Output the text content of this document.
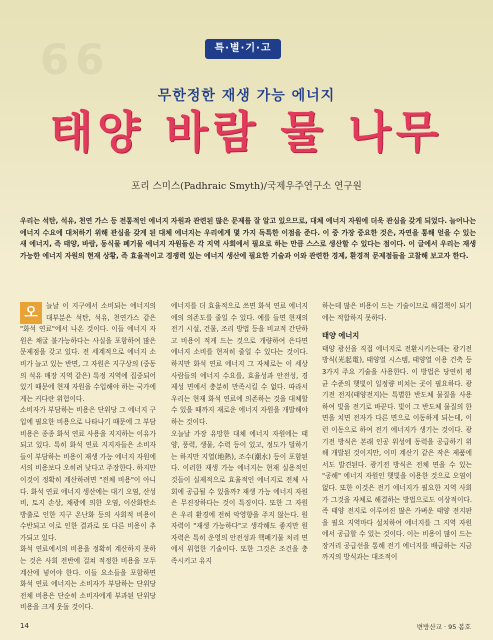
66	특·별·기·고
무한정한 재생 가능 에너지
태양 바람 물 나무
포리 스미스(Padhraic Smyth)/국제우주연구소 연구원
우리는 석탄, 석유, 천연 가스 등 전통적인 에너지 자원과 관련된 많은 문제를 잘 알고 있으므로, 대체 에너지 자원에 더욱 관심을 갖게 되었다. 늘어나는 에너지 수요에 대처하기 위해 관심을 갖게 된 대체 에너지는 우리에게 몇 가지 독특한 이점을 준다. 이 중 가장 중요한 것은, 자연을 통해 얻을 수 있는 새 에너지, 즉 태양, 바람, 동식물 폐기물 에너지 자원들은 각 지역 사회에서 필요로 하는 만큼 스스로 생산할 수 있다는 점이다. 이 글에서 우리는 재생 가능한 에너지 자원의 현재 상황, 즉 효율적이고 경쟁력 있는 에너지 생산에 필요한 기술과 이와 관련한 경제, 환경적 문제점들을 고찰해 보고자 한다.
오	늘날 이 지구에서 소비되는 에너지의 대부분은 석탄, 석유, 천연가스 같은 "화석 연료"에서 나온 것이다. 이들 에너지 자원은 채굴 불가능하다는 사실을 포함하여 많은 문제점을 갖고 있다. 전 세계적으로 에너지 소비가 늘고 있는 반면, 그 자원은 지구상의 (중동의 석유 매장 지역 같은) 특정 지역에 집중되어 있기 때문에 현재 자원을 수입해야 하는 국가에게는 커다란 위험이다.

소비자가 부담하는 비용은 단위당 그 에너지 구입에 필요한 비용으로 나타나기 때문에 그 부담 비용은 종종 화석 연료 사용을 지지하는 이유가 되고 있다. 특히 화석 연료 지지자들은 소비자들이 부담하는 비용이 재생 가능 에너지 자원에서의 비용보다 오히려 낮다고 주장한다. 하지만 이것이 정확히 계산하려면 "전체 비용"이 아니다. 화석 연료 에너지 생산에는 대기 오염, 산성비, 토지 손상, 채광에 의한 오염, 이산화탄소 방출로 인한 지구 온난화 등의 사회적 비용이 수반되고 이로 인한 결과로 또 다른 비용이 추가되고 있다.

화석 연료에서의 비용을 정확히 계산하지 못하는 것은 사회 전반에 걸쳐 적정한 비용을 모두 계산에 넣어야 한다. 이들 요소들을 포함하면 화석 연료 에너지는 소비자가 부담하는 단위당 전체 비용은 단순히 소비자에게 부과된 단위당 비용을 크게 웃돌 것이다.

에너지를 더 효율적으로 쓰면 화석 연료 에너지에의 의존도를 줄일 수 있다. 예를 들면 현재의 전기 시설, 건물, 조리 방법 등을 비교적 간단하고 비용이 적게 드는 것으로 개량하여 은다면 에너지 소비를 현저히 줄일 수 있다는 것이다. 하지만 화석 연료 에너지 그 자체로는 이 세상 사람들의 에너지 수요를, 효율성과 안전성, 경제성 면에서 충분히 만족시킬 수 없다. 따라서 우리는 현재 화석 연료에 의존하는 것을 대체할 수 있을 때까지 재로운 에너지 자원을 개발해야 하는 것이다.

오늘날 가장 유망한 대체 에너지 자원에는 태양, 풍력, 생물, 수력 등이 있고, 정도가 덜하기는 하지만 지열(地熱), 조수(潮水) 등이 포함된다. 이러한 재생 가능 에너지는 현재 실용적인 것들이 실제적으로 효율적인 에너지로 전체 사회에 공급될 수 있을까? 재생 가능 에너지 자원은 무진장하다는 것이 특징이다. 또한 그 자원은 우리 환경에 전혀 악영향을 주지 않는다. 원자력이 "재생 가능하다"고 생각해도 좋지만 원자력은 특히 운영의 안전성과 핵폐기물 처리 면에서 위험한 기술이다. 또한 그것은 조건을 충족시키고 유지

하는데 많은 비용이 드는 기술이므로 해결책이 되기에는 적합하지 못하다.

태양 에너지

태양 광선을 직접 에너지로 전환시키는데는 광기전 방식(光起電), 태양열 시스템, 태양열 이용 건축 등 3가지 주요 기술을 사용한다. 이 방법은 당연히 평균 수준의 햇빛이 일정량 비치는 곳이 필요하다. 광기전 전지(태양전지)는 특별한 반도체 물질을 사용하여 빛을 전기로 바꾼다. 빛이 그 반도체 물질의 한 면을 치면 전자가 다른 면으로 이동하게 되는데, 이런 이동으로 하여 전기 에너지가 생기는 것이다. 광기전 방식은 본래 인공 위성에 동력을 공급하기 위해 개발된 것이지만, 이미 계산기 같은 작은 제품에서도 발견된다. 광기전 방식은 전체 면을 수 있는 "공해" 에너지 자원인 햇빛을 이용한 것으로 오염이 없다. 또한 이것은 전기 에너지가 필요한 지역 사회가 그것을 자체로 해결하는 방법으로도 이상적이다. 즉 태양 전지로 이루어진 많은 가벼운 태양 전지판을 필요 지역마다 설치하여 에너지를 그 지역 자원에서 공급할 수 있는 것이다. 이는 비용이 많이 드는 장거리 공급선을 통해 전기 에너지를 배급하는 지금까지의 방식과는 대조적이

14	변방산교 · 95 봄호
